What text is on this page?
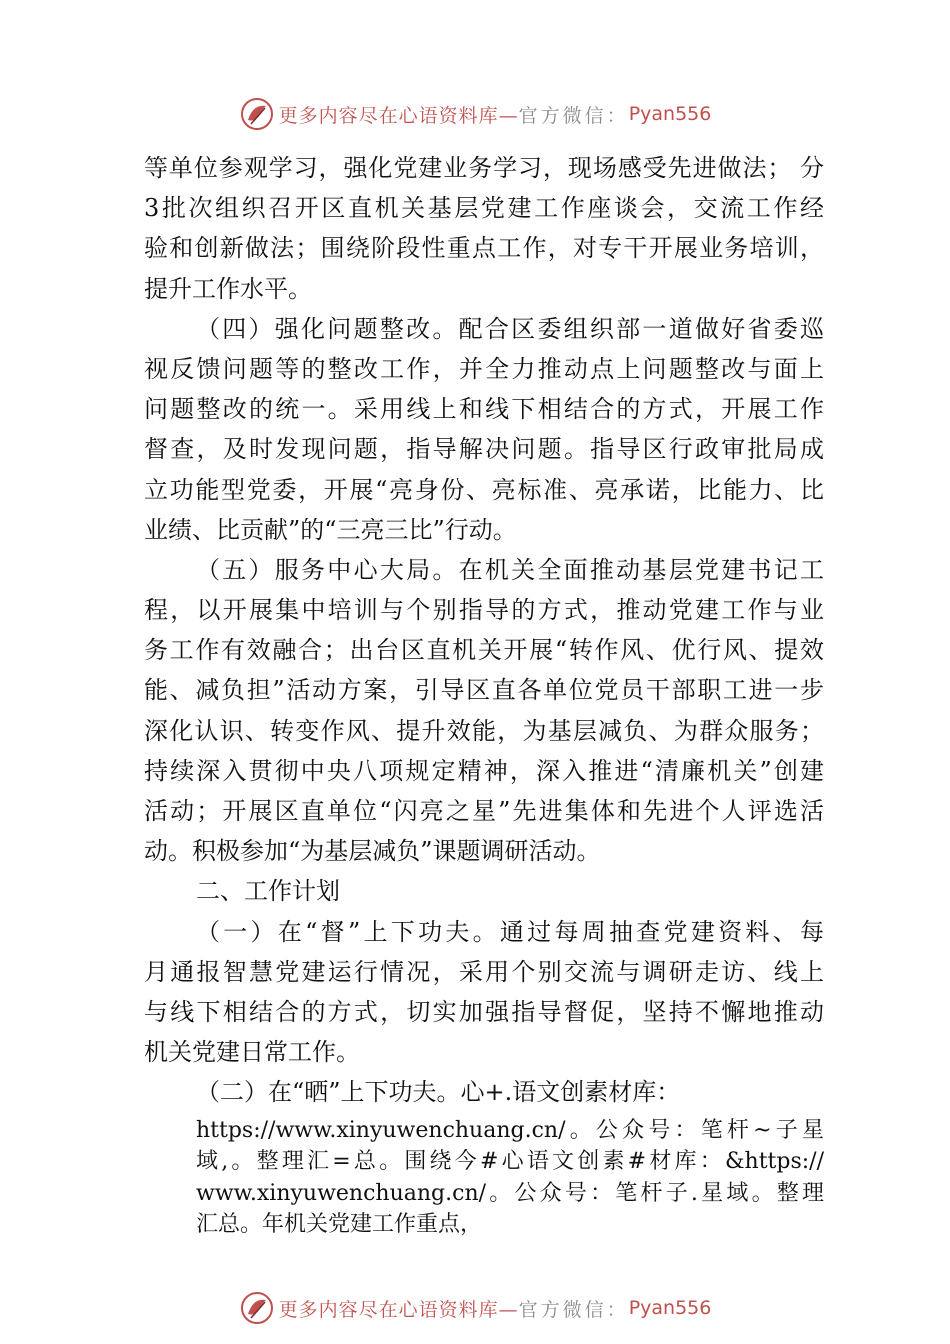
更多内容尽在心语资料库— 官方微信： Pyan556
等单位参观学习，强化党建业务学习，现场感受先进做法； 分
3批次组织召开区直机关基层党建工作座谈会，交流工作经
验和创新做法；围绕阶段性重点工作，对专干开展业务培训，
提升工作水平。
（四）强化问题整改。配合区委组织部一道做好省委巡
视反馈问题等的整改工作，并全力推动点上问题整改与面上
问题整改的统一。采用线上和线下相结合的方式，开展工作
督查，及时发现问题，指导解决问题。指导区行政审批局成
立功能型党委，开展“亮身份、亮标准、亮承诺，比能力、比
业绩、比贡献”的“三亮三比”行动。
（五）服务中心大局。在机关全面推动基层党建书记工
程，以开展集中培训与个别指导的方式，推动党建工作与业
务工作有效融合；出台区直机关开展“转作风、优行风、提效
能、减负担”活动方案，引导区直各单位党员干部职工进一步
深化认识、转变作风、提升效能，为基层减负、为群众服务；
持续深入贯彻中央八项规定精神，深入推进“清廉机关”创建
活动；开展区直单位“闪亮之星”先进集体和先进个人评选活
动。积极参加“为基层减负”课题调研活动。
二、工作计划
（一）在“督”上下功夫。通过每周抽查党建资料、每
月通报智慧党建运行情况，采用个别交流与调研走访、线上
与线下相结合的方式，切实加强指导督促，坚持不懈地推动
机关党建日常工作。
（二）在“晒”上下功夫。心+.语文创素材库：
https://www.xinyuwenchuang.cn/。公众号：笔杆~子星
域,。整理汇=总。围绕今#心语文创素#材库：&https://
www.xinyuwenchuang.cn/。公众号：笔杆子.星域。整理
汇总。年机关党建工作重点，
更多内容尽在心语资料库— 官方微信： Pyan556
